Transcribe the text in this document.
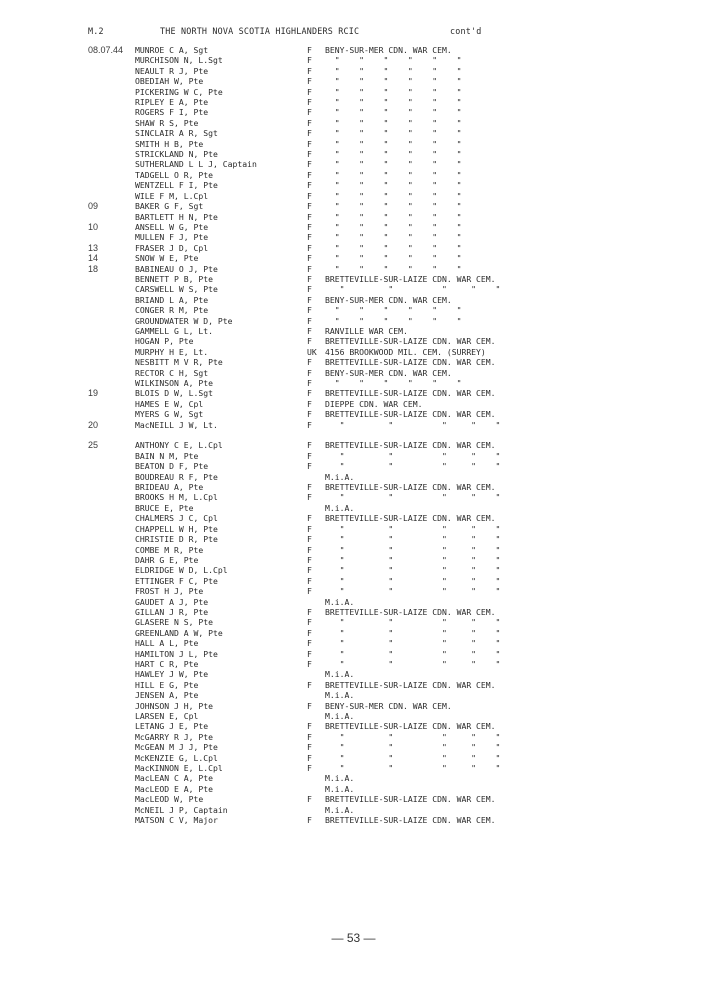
M.2	THE NORTH NOVA SCOTIA HIGHLANDERS RCIC	cont'd
08.07.44 MUNROE C A, Sgt	F BENY-SUR-MER CDN. WAR CEM.
MURCHISON N, L.Sgt	F "    "    "    "    "    "
NEAULT R J, Pte	F "    "    "    "    "    "
OBEDIAH W, Pte	F "    "    "    "    "    "
PICKERING W C, Pte	F "    "    "    "    "    "
RIPLEY E A, Pte	F "    "    "    "    "    "
ROGERS F I, Pte	F "    "    "    "    "    "
SHAW R S, Pte	F "    "    "    "    "    "
SINCLAIR A R, Sgt	F "    "    "    "    "    "
SMITH H B, Pte	F "    "    "    "    "    "
STRICKLAND N, Pte	F "    "    "    "    "    "
SUTHERLAND L L J, Captain	F "    "    "    "    "    "
TADGELL O R, Pte	F "    "    "    "    "    "
WENTZELL F I, Pte	F "    "    "    "    "    "
WILE F M, L.Cpl	F "    "    "    "    "    "
09	BAKER G F, Sgt	F "    "    "    "    "    "
BARTLETT H N, Pte	F "    "    "    "    "    "
10	ANSELL W G, Pte	F "    "    "    "    "    "
MULLEN F J, Pte	F "    "    "    "    "    "
13	FRASER J D, Cpl	F "    "    "    "    "    "
14	SNOW W E, Pte	F "    "    "    "    "    "
18	BABINEAU O J, Pte	F "    "    "    "    "    "
BENNETT P B, Pte	F BRETTEVILLE-SUR-LAIZE CDN. WAR CEM.
CARSWELL W S, Pte	F "         "          "     "    "
BRIAND L A, Pte	F BENY-SUR-MER CDN. WAR CEM.
CONGER R M, Pte	F "    "    "    "    "    "
GROUNDWATER W D, Pte	F "    "    "    "    "    "
GAMMELL G L, Lt.	F RANVILLE WAR CEM.
HOGAN P, Pte	F BRETTEVILLE-SUR-LAIZE CDN. WAR CEM.
MURPHY H E, Lt.	UK 4156 BROOKWOOD MIL. CEM. (SURREY)
NESBITT M V R, Pte	F BRETTEVILLE-SUR-LAIZE CDN. WAR CEM.
RECTOR C H, Sgt	F BENY-SUR-MER CDN. WAR CEM.
WILKINSON A, Pte	F "    "    "    "    "    "
19	BLOIS D W, L.Sgt	F BRETTEVILLE-SUR-LAIZE CDN. WAR CEM.
HAMES E W, Cpl	F DIEPPE CDN. WAR CEM.
MYERS G W, Sgt	F BRETTEVILLE-SUR-LAIZE CDN. WAR CEM.
20	MacNEILL J W, Lt.	F "         "          "     "    "
25	ANTHONY C E, L.Cpl	F BRETTEVILLE-SUR-LAIZE CDN. WAR CEM.
BAIN N M, Pte	F "         "          "     "    "
BEATON D F, Pte	F "         "          "     "    "
BOUDREAU R F, Pte	M.i.A.
BRIDEAU A, Pte	F BRETTEVILLE-SUR-LAIZE CDN. WAR CEM.
BROOKS H M, L.Cpl	F "         "          "     "    "
BRUCE E, Pte	M.i.A.
CHALMERS J C, Cpl	F BRETTEVILLE-SUR-LAIZE CDN. WAR CEM.
CHAPPELL W H, Pte	F "         "          "     "    "
CHRISTIE D R, Pte	F "         "          "     "    "
COMBE M R, Pte	F "         "          "     "    "
DAHR G E, Pte	F "         "          "     "    "
ELDRIDGE W D, L.Cpl	F "         "          "     "    "
ETTINGER F C, Pte	F "         "          "     "    "
FROST H J, Pte	F "         "          "     "    "
GAUDET A J, Pte	M.i.A.
GILLAN J R, Pte	F BRETTEVILLE-SUR-LAIZE CDN. WAR CEM.
GLASERE N S, Pte	F "         "          "     "    "
GREENLAND A W, Pte	F "         "          "     "    "
HALL A L, Pte	F "         "          "     "    "
HAMILTON J L, Pte	F "         "          "     "    "
HART C R, Pte	F "         "          "     "    "
HAWLEY J W, Pte	M.i.A.
HILL E G, Pte	F BRETTEVILLE-SUR-LAIZE CDN. WAR CEM.
JENSEN A, Pte	M.i.A.
JOHNSON J H, Pte	F BENY-SUR-MER CDN. WAR CEM.
LARSEN E, Cpl	M.i.A.
LETANG J E, Pte	F BRETTEVILLE-SUR-LAIZE CDN. WAR CEM.
McGARRY R J, Pte	F "         "          "     "    "
McGEAN M J J, Pte	F "         "          "     "    "
McKENZIE G, L.Cpl	F "         "          "     "    "
MacKINNON E, L.Cpl	F "         "          "     "    "
MacLEAN C A, Pte	M.i.A.
MacLEOD E A, Pte	M.i.A.
MacLEOD W, Pte	F BRETTEVILLE-SUR-LAIZE CDN. WAR CEM.
McNEIL J P, Captain	M.i.A.
MATSON C V, Major	F BRETTEVILLE-SUR-LAIZE CDN. WAR CEM.
— 53 —
